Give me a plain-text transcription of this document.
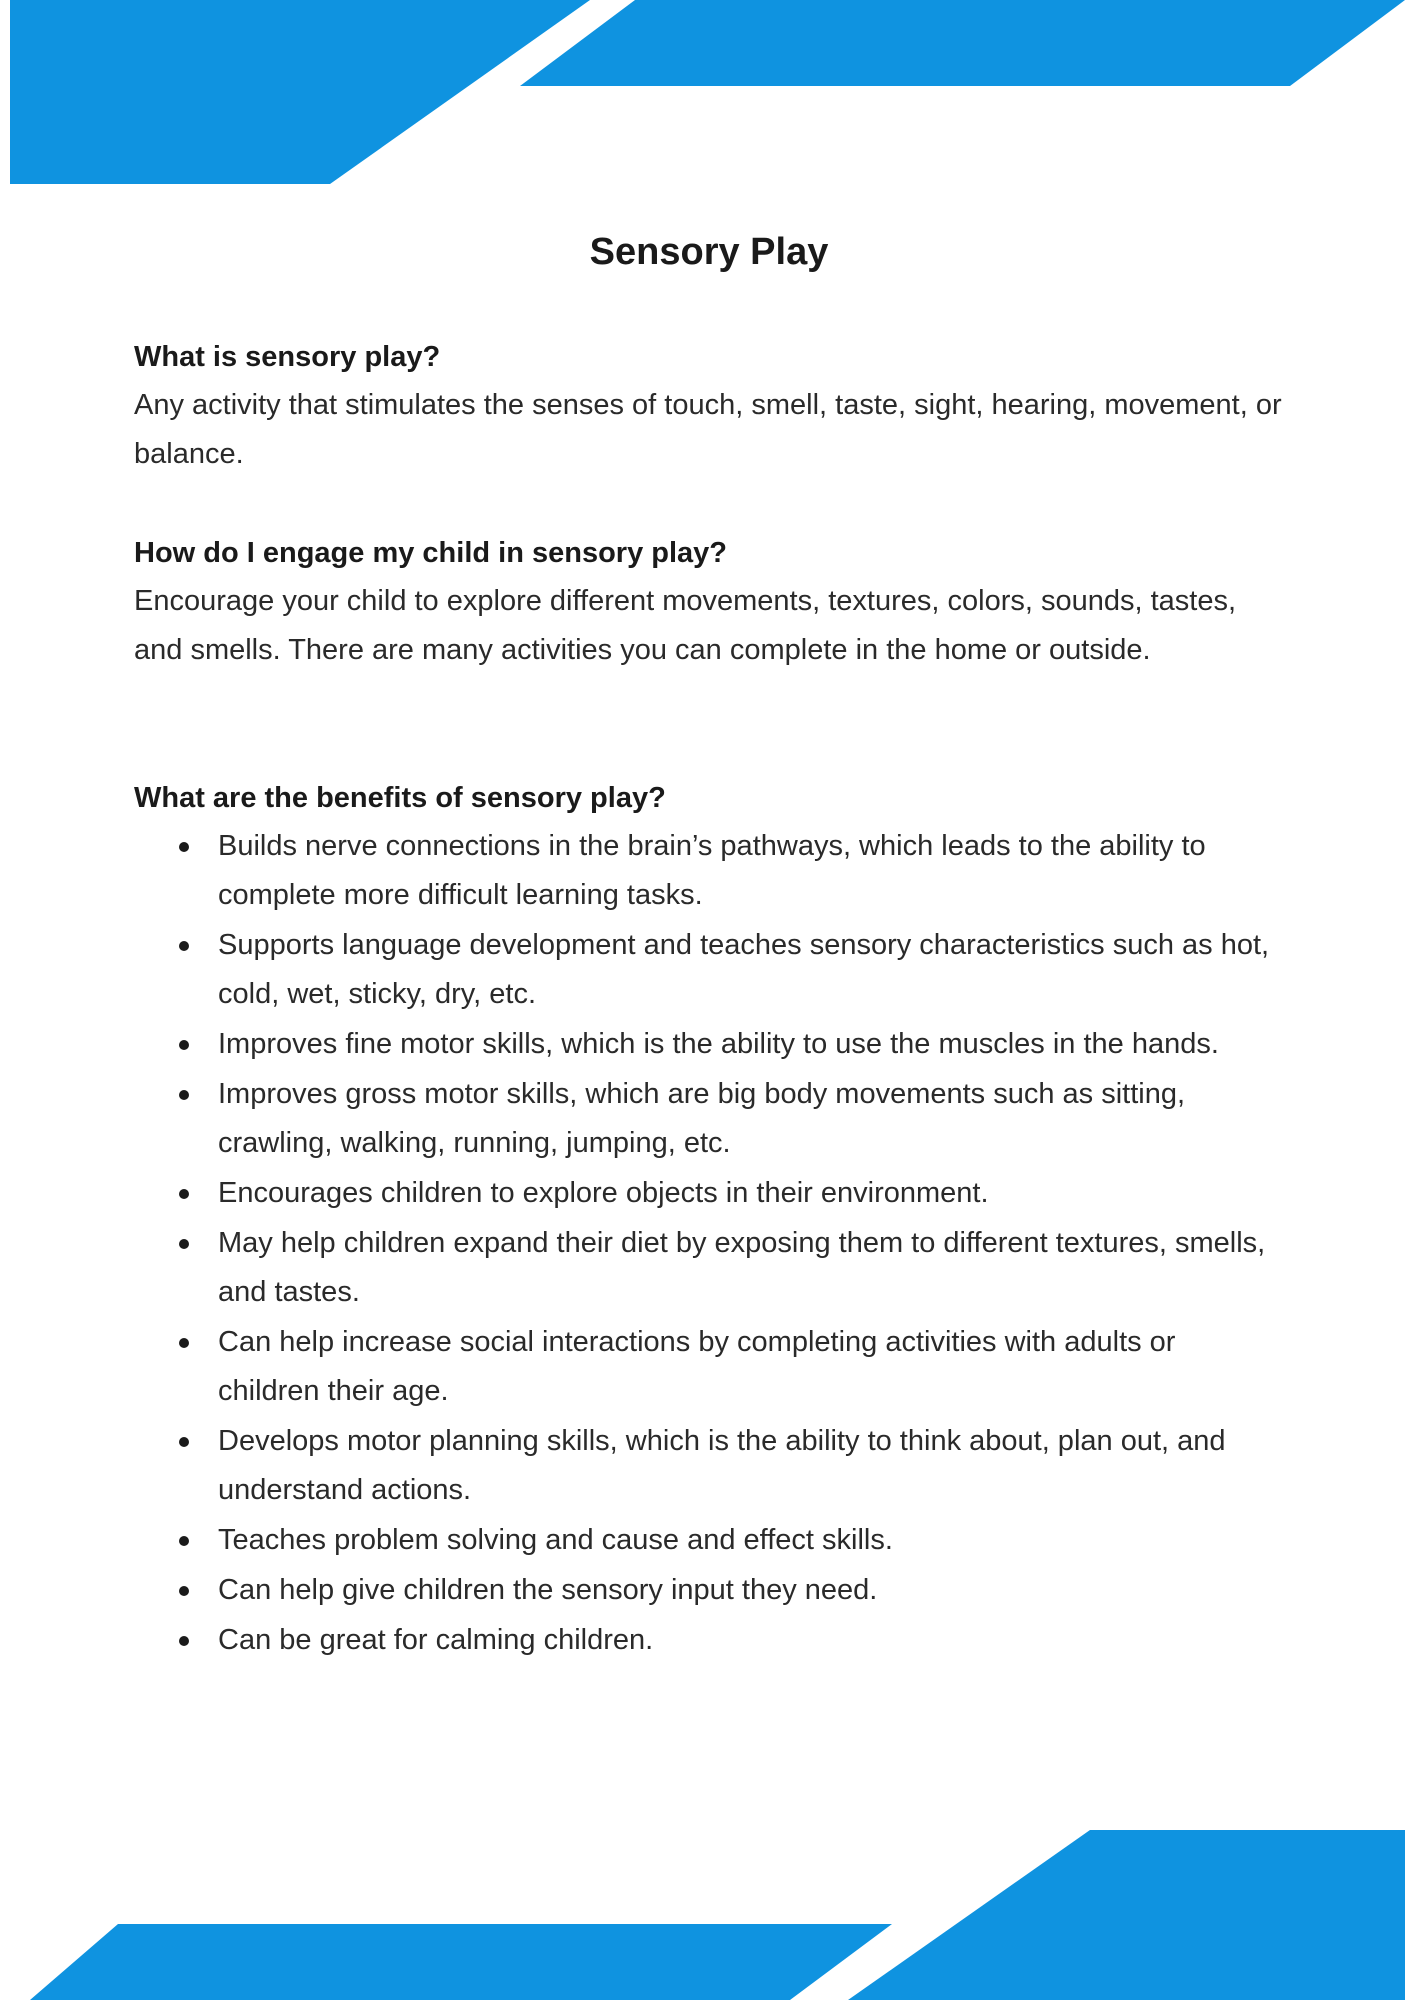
Sensory Play

What is sensory play?

Any activity that stimulates the senses of touch, smell, taste, sight, hearing, movement, or balance.

How do I engage my child in sensory play?

Encourage your child to explore different movements, textures, colors, sounds, tastes, and smells. There are many activities you can complete in the home or outside.

What are the benefits of sensory play?

Builds nerve connections in the brain’s pathways, which leads to the ability to complete more difficult learning tasks.
Supports language development and teaches sensory characteristics such as hot, cold, wet, sticky, dry, etc.
Improves fine motor skills, which is the ability to use the muscles in the hands.
Improves gross motor skills, which are big body movements such as sitting, crawling, walking, running, jumping, etc.
Encourages children to explore objects in their environment.
May help children expand their diet by exposing them to different textures, smells, and tastes.
Can help increase social interactions by completing activities with adults or children their age.
Develops motor planning skills, which is the ability to think about, plan out, and understand actions.
Teaches problem solving and cause and effect skills.
Can help give children the sensory input they need.
Can be great for calming children.
